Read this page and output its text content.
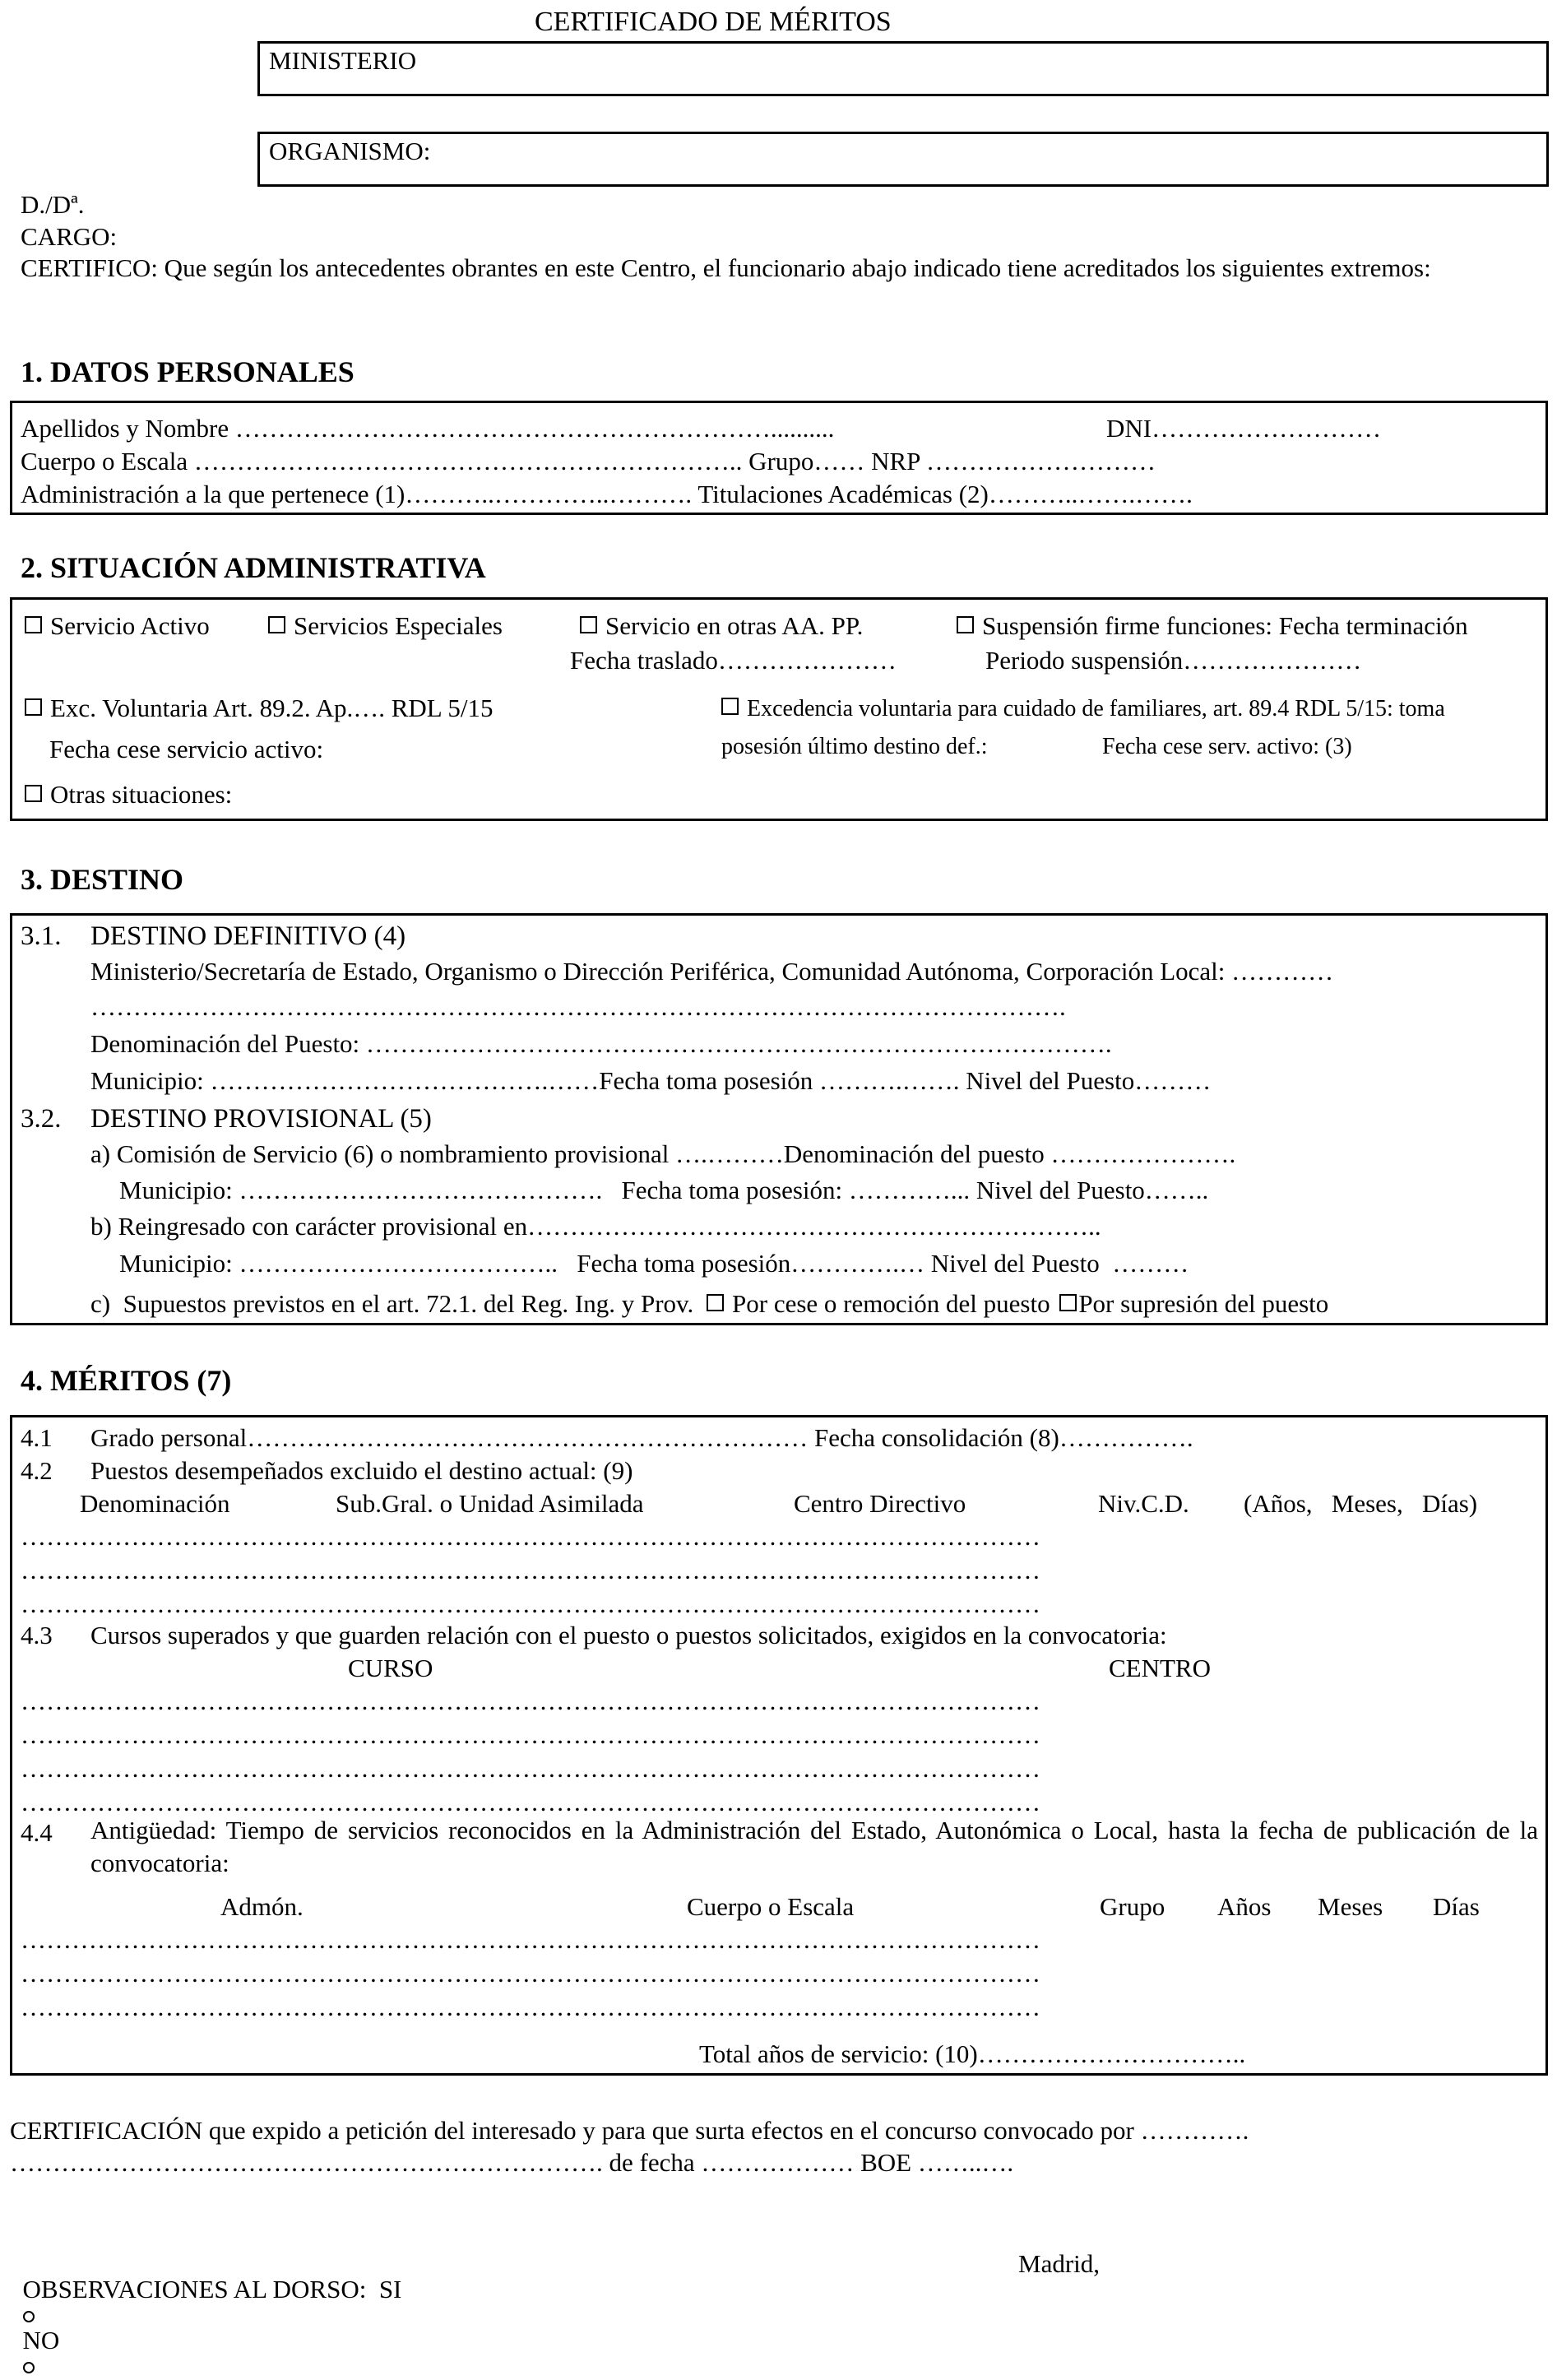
CERTIFICADO DE MÉRITOS
MINISTERIO
ORGANISMO:
D./Dª.
CARGO:
CERTIFICO: Que según los antecedentes obrantes en este Centro, el funcionario abajo indicado tiene acreditados los siguientes extremos:
1. DATOS PERSONALES
Apellidos y Nombre ………………………………………………………..........	DNI………………………
Cuerpo o Escala ……………………………………………………….. Grupo…… NRP ………………………
Administración a la que pertenece (1)………..…………..………. Titulaciones Académicas (2)………..…….…….
2. SITUACIÓN ADMINISTRATIVA
Servicio Activo	Servicios Especiales	Servicio en otras AA. PP.
Fecha traslado…………………
Suspensión firme funciones: Fecha terminación
Periodo suspensión…………………
Exc. Voluntaria Art. 89.2. Ap.…. RDL 5/15
Fecha cese servicio activo:
Excedencia voluntaria para cuidado de familiares, art. 89.4 RDL 5/15: toma
posesión último destino def.:	Fecha cese serv. activo: (3)
Otras situaciones:
3. DESTINO
3.1. DESTINO DEFINITIVO (4)
Ministerio/Secretaría de Estado, Organismo o Dirección Periférica, Comunidad Autónoma, Corporación Local: …………
…………………………………………………………………………………………………….
Denominación del Puesto: …………………………………………………………………………….
Municipio: ………………………………….……Fecha toma posesión ……….……. Nivel del Puesto………
3.2. DESTINO PROVISIONAL (5)
a) Comisión de Servicio (6) o nombramiento provisional ….………Denominación del puesto ………………….
Municipio: …………………………………….   Fecha toma posesión: …………... Nivel del Puesto……..
b) Reingresado con carácter provisional en…………………………………………………………..
Municipio: ………………………………..   Fecha toma posesión………….… Nivel del Puesto  ………
c)  Supuestos previstos en el art. 72.1. del Reg. Ing. y Prov. Por cese o remoción del puesto Por supresión del puesto
4. MÉRITOS (7)
4.1 Grado personal………………………………………………………… Fecha consolidación (8)…………….
4.2 Puestos desempeñados excluido el destino actual: (9)
Denominación	Sub.Gral. o Unidad Asimilada	Centro Directivo	Niv.C.D. (Años,   Meses,   Días)
…………………………………………………………………………………………………………
…………………………………………………………………………………………………………
…………………………………………………………………………………………………………
4.3 Cursos superados y que guarden relación con el puesto o puestos solicitados, exigidos en la convocatoria:
CURSO	CENTRO
…………………………………………………………………………………………………………
…………………………………………………………………………………………………………
…………………………………………………………………………………………………………
…………………………………………………………………………………………………………
4.4 Antigüedad: Tiempo de servicios reconocidos en la Administración del Estado, Autonómica o Local, hasta la fecha de publicación de la convocatoria:
Admón.	Cuerpo o Escala	Grupo Años Meses Días
…………………………………………………………………………………………………………
…………………………………………………………………………………………………………
…………………………………………………………………………………………………………
Total años de servicio: (10)…………………………..
CERTIFICACIÓN que expido a petición del interesado y para que surta efectos en el concurso convocado por ………….
……………………………………………………………. de fecha ……………… BOE ……..….

OBSERVACIONES AL DORSO:  SI

NO

Madrid,
